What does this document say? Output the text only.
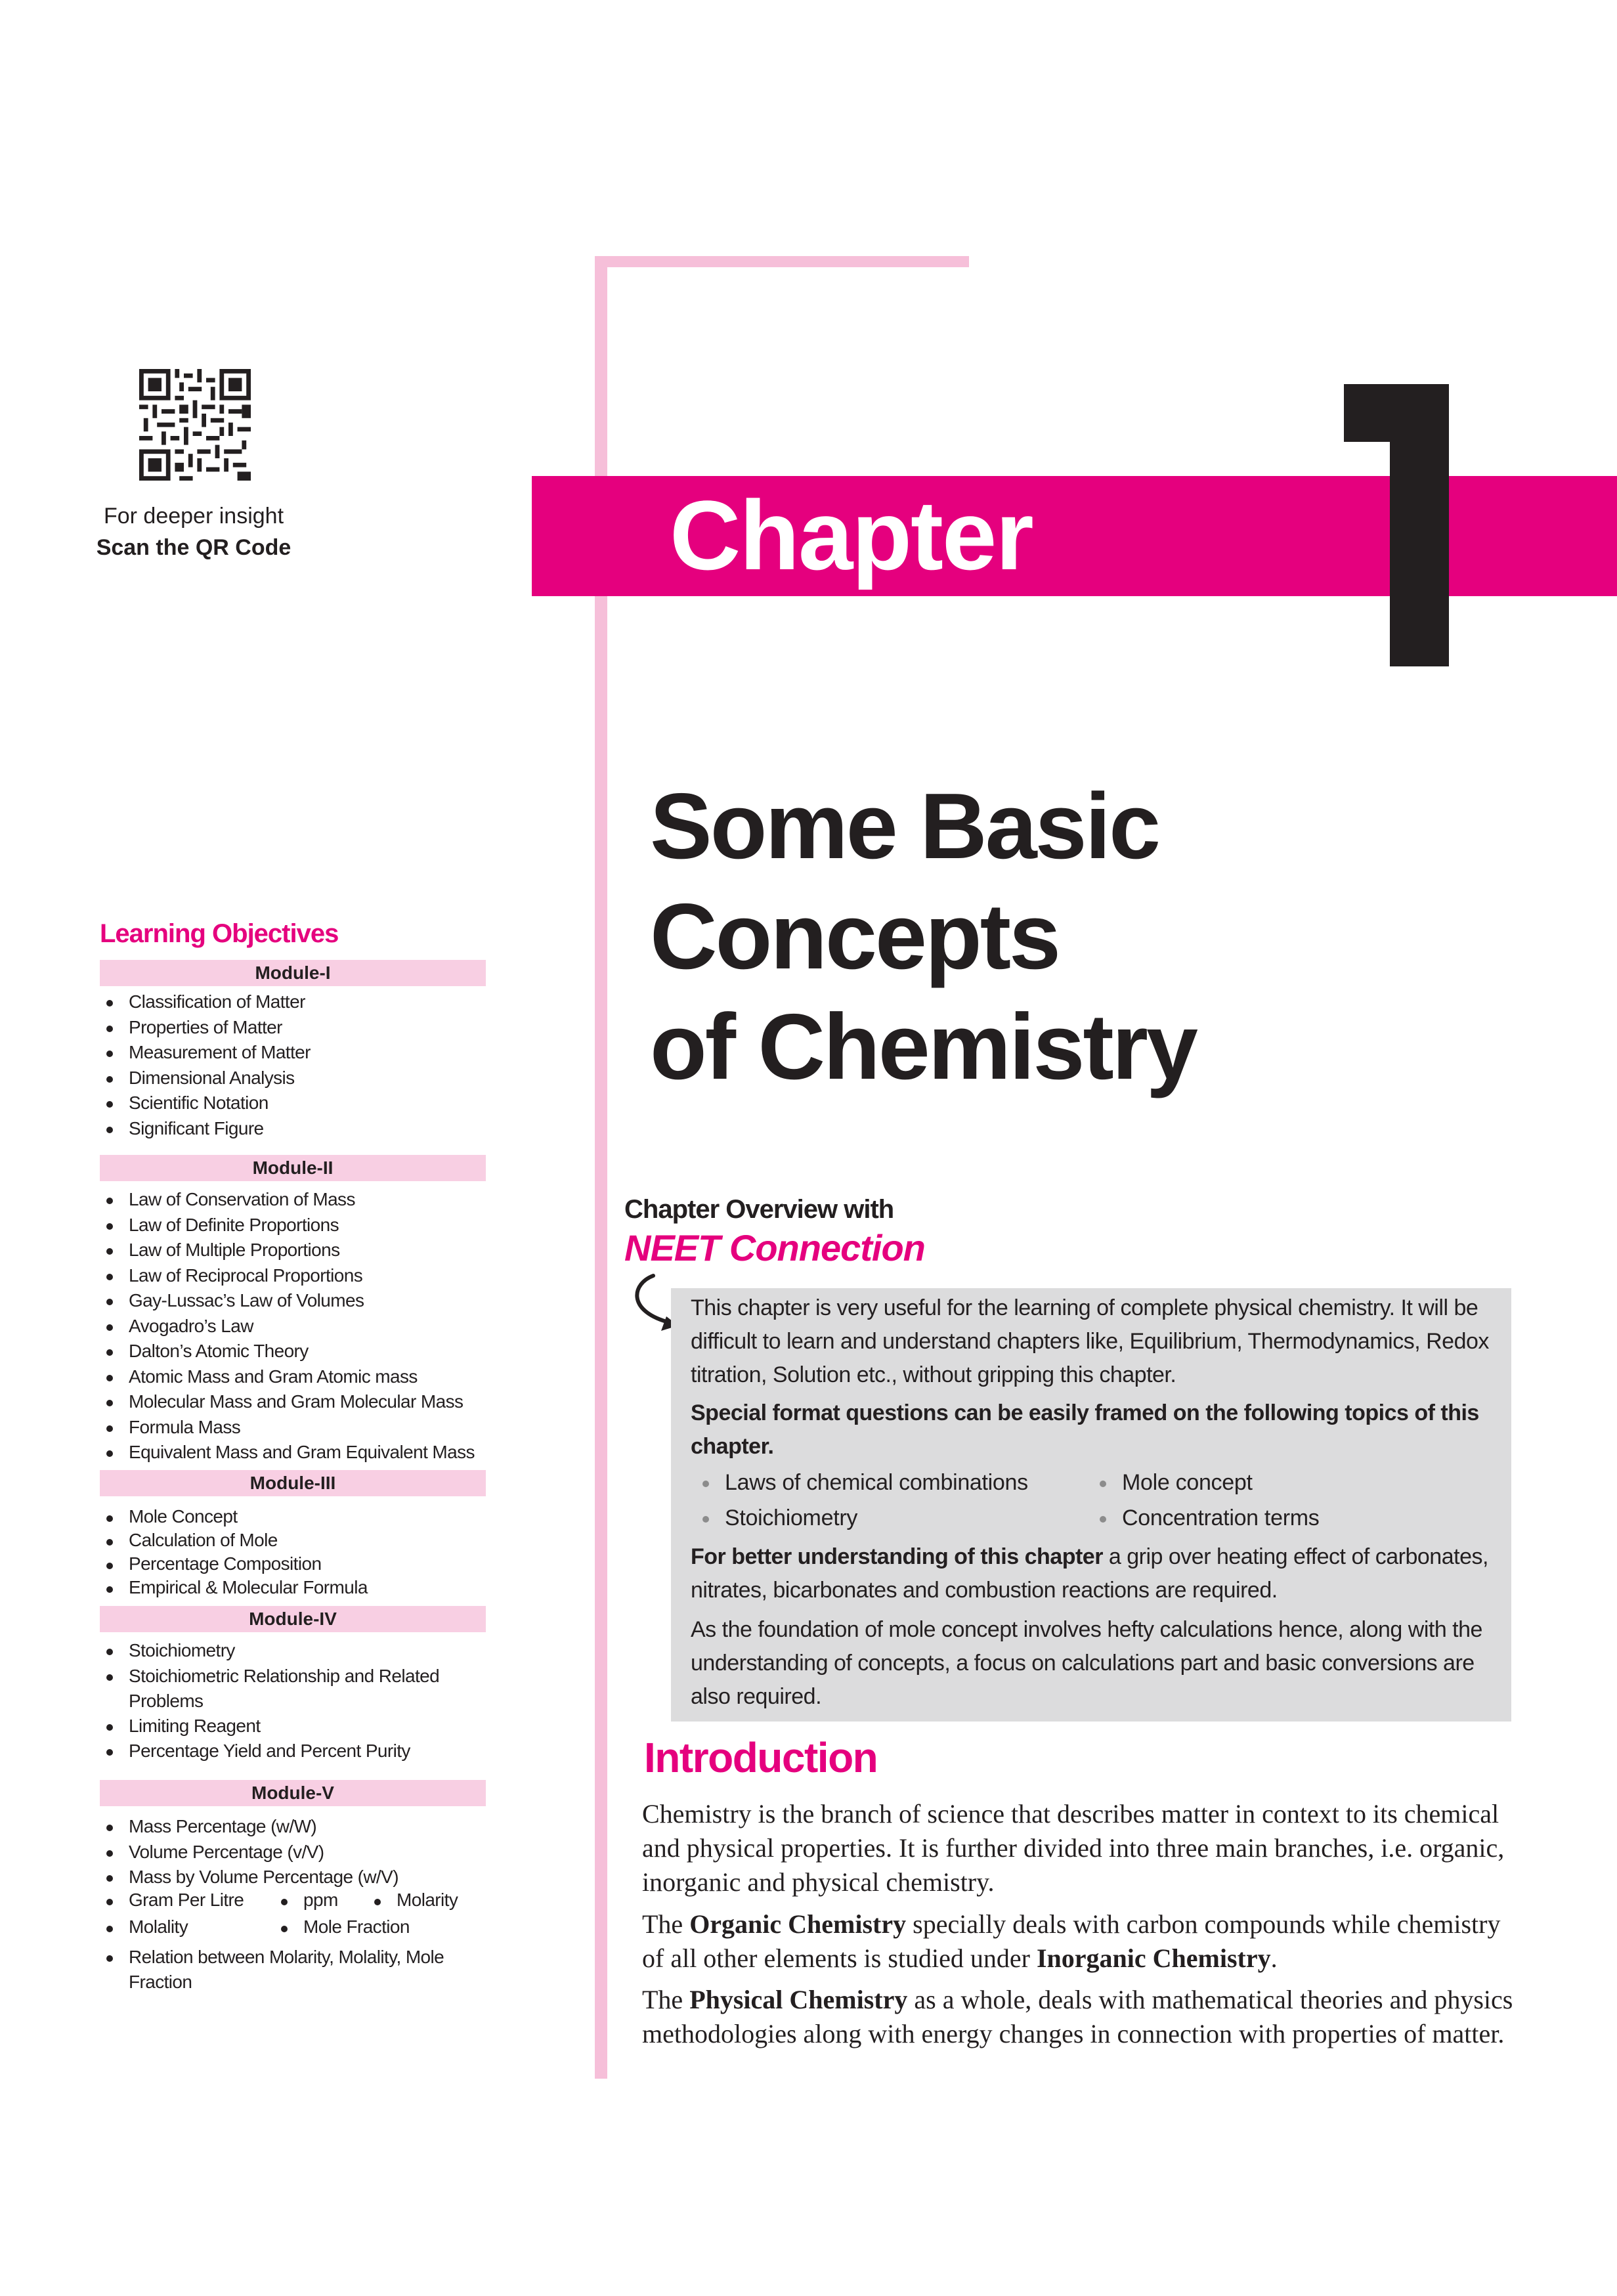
For deeper insight
Scan the QR Code	Chapter
1
Some Basic Concepts
of Chemistry
Learning Objectives
Module-I
Classification of Matter
Properties of Matter
Measurement of Matter
Dimensional Analysis
Scientific Notation
Significant Figure
Module-II
Law of Conservation of Mass
Law of Definite Proportions
Law of Multiple Proportions
Law of Reciprocal Proportions
Gay-Lussac’s Law of Volumes
Avogadro’s Law
Dalton’s Atomic Theory
Atomic Mass and Gram Atomic mass
Molecular Mass and Gram Molecular Mass
Formula Mass
Equivalent Mass and Gram Equivalent Mass
Module-III
Mole Concept
Calculation of Mole
Percentage Composition
Empirical & Molecular Formula
Module-IV
Stoichiometry
Stoichiometric Relationship and Related Problems
Limiting Reagent
Percentage Yield and Percent Purity
Module-V
Mass Percentage (w/W)
Volume Percentage (v/V)
Mass by Volume Percentage (w/V)
Gram Per Litre	ppm	Molarity
Molality	Mole Fraction
Relation between Molarity, Molality, Mole Fraction
Chapter Overview with
NEET Connection
This chapter is very useful for the learning of complete physical chemistry. It will be difficult to learn and understand chapters like, Equilibrium, Thermodynamics, Redox titration, Solution etc., without gripping this chapter.
Special format questions can be easily framed on the following topics of this chapter.
Laws of chemical combinations	Mole concept
Stoichiometry	Concentration terms
For better understanding of this chapter a grip over heating effect of carbonates, nitrates, bicarbonates and combustion reactions are required.
As the foundation of mole concept involves hefty calculations hence, along with the understanding of concepts, a focus on calculations part and basic conversions are also required.
Introduction

Chemistry is the branch of science that describes matter in context to its chemical and physical properties. It is further divided into three main branches, i.e. organic, inorganic and physical chemistry.

The Organic Chemistry specially deals with carbon compounds while chemistry of all other elements is studied under Inorganic Chemistry.

The Physical Chemistry as a whole, deals with mathematical theories and physics methodologies along with energy changes in connection with properties of matter.
